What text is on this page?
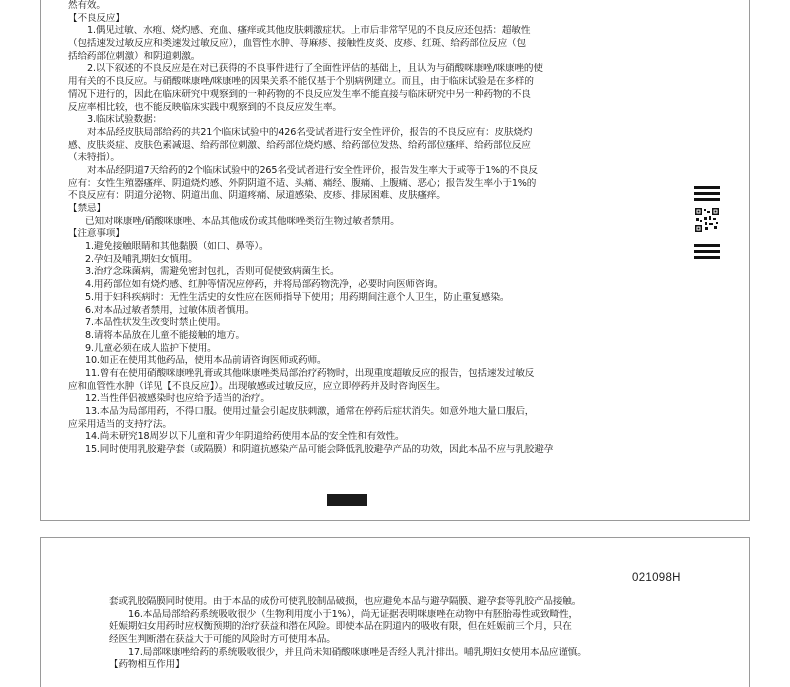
然有效。
【不良反应】
1.偶见过敏、水疱、烧灼感、充血、瘙痒或其他皮肤刺激症状。上市后非常罕见的不良反应还包括：超敏性
（包括速发过敏反应和类速发过敏反应），血管性水肿、荨麻疹、接触性皮炎、皮疹、红斑、给药部位反应（包
括给药部位刺激）和阴道刺激。
2.以下叙述的不良反应是在对已获得的不良事件进行了全面性评估的基础上，且认为与硝酸咪康唑/咪康唑的使
用有关的不良反应。与硝酸咪康唑/咪康唑的因果关系不能仅基于个别病例建立。而且，由于临床试验是在多样的
情况下进行的，因此在临床研究中观察到的一种药物的不良反应发生率不能直接与临床研究中另一种药物的不良
反应率相比较，也不能反映临床实践中观察到的不良反应发生率。
3.临床试验数据：
对本品经皮肤局部给药的共21个临床试验中的426名受试者进行安全性评价，报告的不良反应有：皮肤烧灼
感、皮肤炎症、皮肤色素减退、给药部位刺激、给药部位烧灼感、给药部位发热、给药部位瘙痒、给药部位反应
（未特指）。
对本品经阴道7天给药的2个临床试验中的265名受试者进行安全性评价，报告发生率大于或等于1%的不良反
应有：女性生殖器瘙痒、阴道烧灼感、外阴阴道不适、头痛、痛经、腹痛、上腹痛、恶心；报告发生率小于1%的
不良反应有：阴道分泌物、阴道出血、阴道疼痛、尿道感染、皮疹、排尿困难、皮肤瘙痒。
【禁忌】
已知对咪康唑/硝酸咪康唑、本品其他成份或其他咪唑类衍生物过敏者禁用。
【注意事项】
1.避免接触眼睛和其他黏膜（如口、鼻等）。
2.孕妇及哺乳期妇女慎用。
3.治疗念珠菌病，需避免密封包扎，否则可促使致病菌生长。
4.用药部位如有烧灼感、红肿等情况应停药，并将局部药物洗净，必要时向医师咨询。
5.用于妇科疾病时：无性生活史的女性应在医师指导下使用；用药期间注意个人卫生，防止重复感染。
6.对本品过敏者禁用，过敏体质者慎用。
7.本品性状发生改变时禁止使用。
8.请将本品放在儿童不能接触的地方。
9.儿童必须在成人监护下使用。
10.如正在使用其他药品，使用本品前请咨询医师或药师。
11.曾有在使用硝酸咪康唑乳膏或其他咪康唑类局部治疗药物时，出现重度超敏反应的报告，包括速发过敏反
应和血管性水肿（详见【不良反应】）。出现敏感或过敏反应，应立即停药并及时咨询医生。
12.当性伴侣被感染时也应给予适当的治疗。
13.本品为局部用药，不得口服。使用过量会引起皮肤刺激，通常在停药后症状消失。如意外地大量口服后，
应采用适当的支持疗法。
14.尚未研究18周岁以下儿童和青少年阴道给药使用本品的安全性和有效性。
15.同时使用乳胶避孕套（或隔膜）和阴道抗感染产品可能会降低乳胶避孕产品的功效，因此本品不应与乳胶避孕
021098H
套或乳胶隔膜同时使用。由于本品的成份可使乳胶制品破损，也应避免本品与避孕隔膜、避孕套等乳胶产品接触。
16.本品局部给药系统吸收很少（生物利用度小于1%），尚无证据表明咪康唑在动物中有胚胎毒性或致畸性，
妊娠期妇女用药时应权衡预期的治疗获益和潜在风险。即使本品在阴道内的吸收有限，但在妊娠前三个月，只在
经医生判断潜在获益大于可能的风险时方可使用本品。
17.局部咪康唑给药的系统吸收很少，并且尚未知硝酸咪康唑是否经人乳汁排出。哺乳期妇女使用本品应谨慎。
【药物相互作用】
